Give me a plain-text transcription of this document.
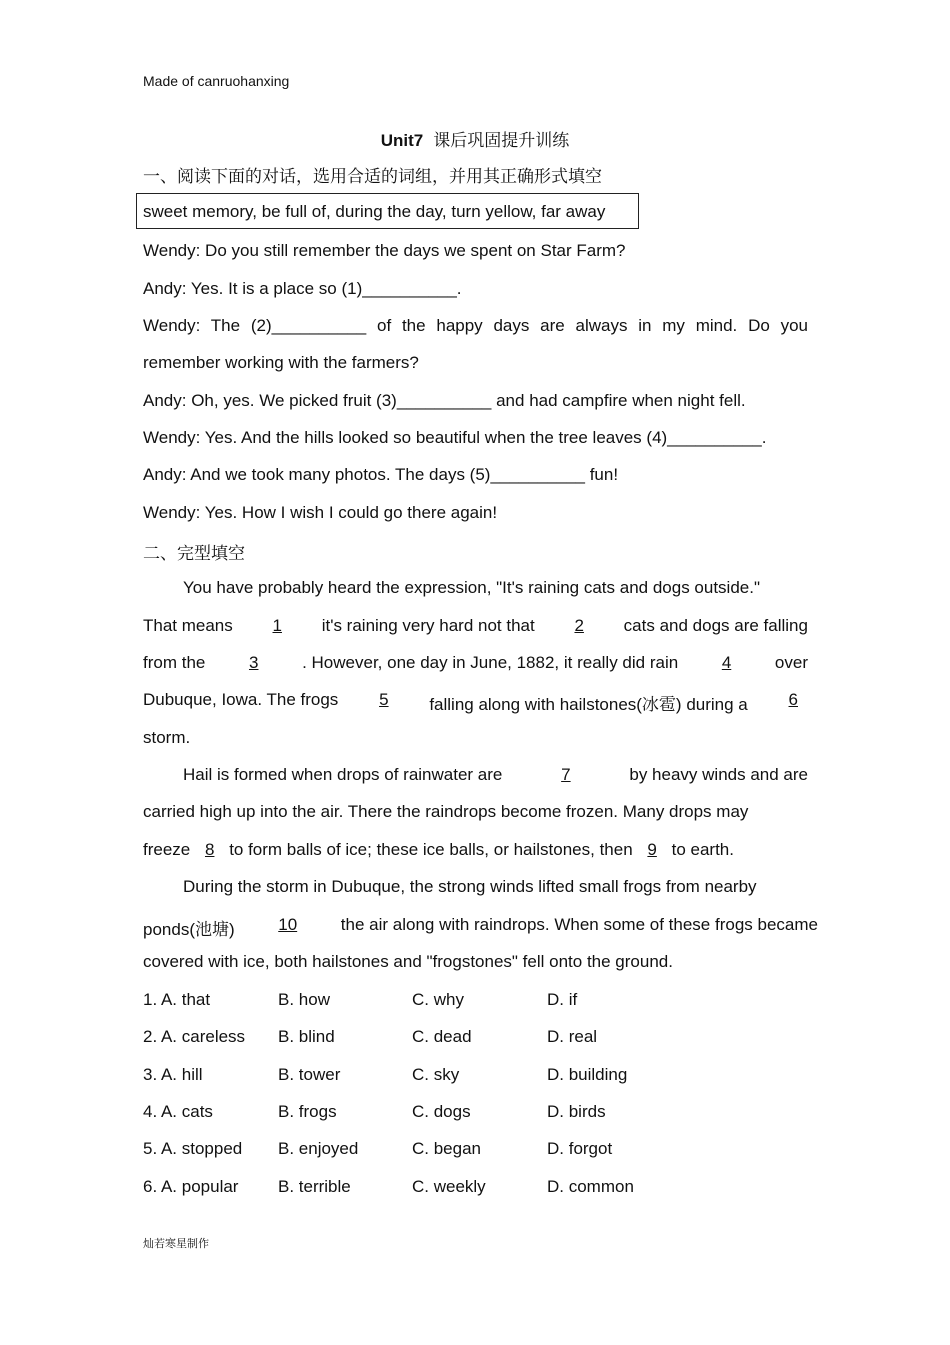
Made of canruohanxing
Unit7 课后巩固提升训练
一、阅读下面的对话，选用合适的词组，并用其正确形式填空
sweet memory, be full of, during the day, turn yellow, far away
Wendy: Do you still remember the days we spent on Star Farm?
Andy: Yes. It is a place so (1)__________.
Wendy: The (2)__________ of the happy days are always in my mind. Do you
remember working with the farmers?
Andy: Oh, yes. We picked fruit (3)__________ and had campfire when night fell.
Wendy: Yes. And the hills looked so beautiful when the tree leaves (4)__________.
Andy: And we took many photos. The days (5)__________ fun!
Wendy: Yes. How I wish I could go there again!
二、完型填空
You have probably heard the expression, "It's raining cats and dogs outside."
That means	1	it's raining very hard not that	2	cats and dogs are falling
from the	3	. However, one day in June, 1882, it really did rain	4	over
Dubuque, Iowa. The frogs	5	falling along with hailstones(冰雹) during a	6
storm.
Hail is formed when drops of rainwater are	7	by heavy winds and are
carried high up into the air. There the raindrops become frozen. Many drops may
freeze 8 to form balls of ice; these ice balls, or hailstones, then 9 to earth.
During the storm in Dubuque, the strong winds lifted small frogs from nearby
ponds(池塘)	10	the air along with raindrops. When some of these frogs became
covered with ice, both hailstones and "frogstones" fell onto the ground.
1. A. that	B. how	C. why	D. if
2. A. careless B. blind	C. dead	D. real
3. A. hill	B. tower	C. sky	D. building
4. A. cats	B. frogs	C. dogs	D. birds
5. A. stopped B. enjoyed	C. began	D. forgot
6. A. popular B. terrible	C. weekly	D. common
灿若寒星制作
